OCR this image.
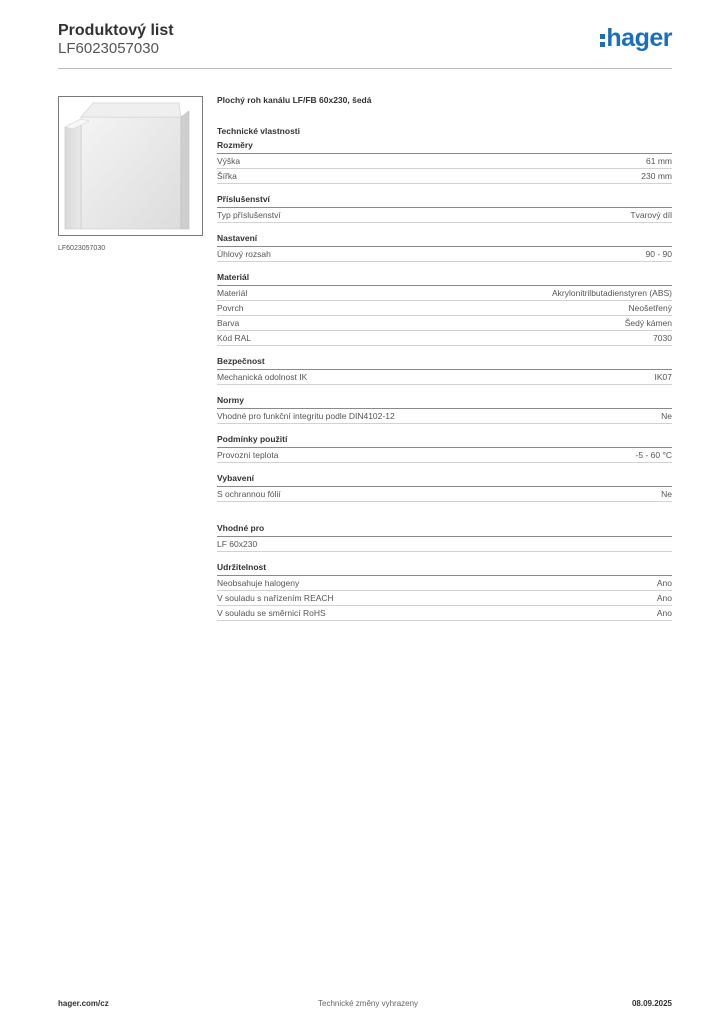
Produktový list
LF6023057030	hager
LF6023057030
Plochý roh kanálu LF/FB 60x230, šedá
Technické vlastnosti
Rozměry
Výška	61 mm
Šířka	230 mm
Příslušenství
Typ příslušenství	Tvarový díl
Nastavení
Úhlový rozsah	90 - 90
Materiál
Materiál	Akrylonitrilbutadienstyren (ABS)
Povrch	Neošetřený
Barva	Šedý kámen
Kód RAL	7030
Bezpečnost
Mechanická odolnost IK	IK07
Normy
Vhodné pro funkční integritu podle DIN4102-12	Ne
Podmínky použití
Provozní teplota	-5 - 60 °C
Vybavení
S ochrannou fólií	Ne
Vhodné pro
LF 60x230
Udržitelnost
Neobsahuje halogeny	Ano
V souladu s nařízením REACH	Ano
V souladu se směrnicí RoHS	Ano
hager.com/cz	Technické změny vyhrazeny	08.09.2025
